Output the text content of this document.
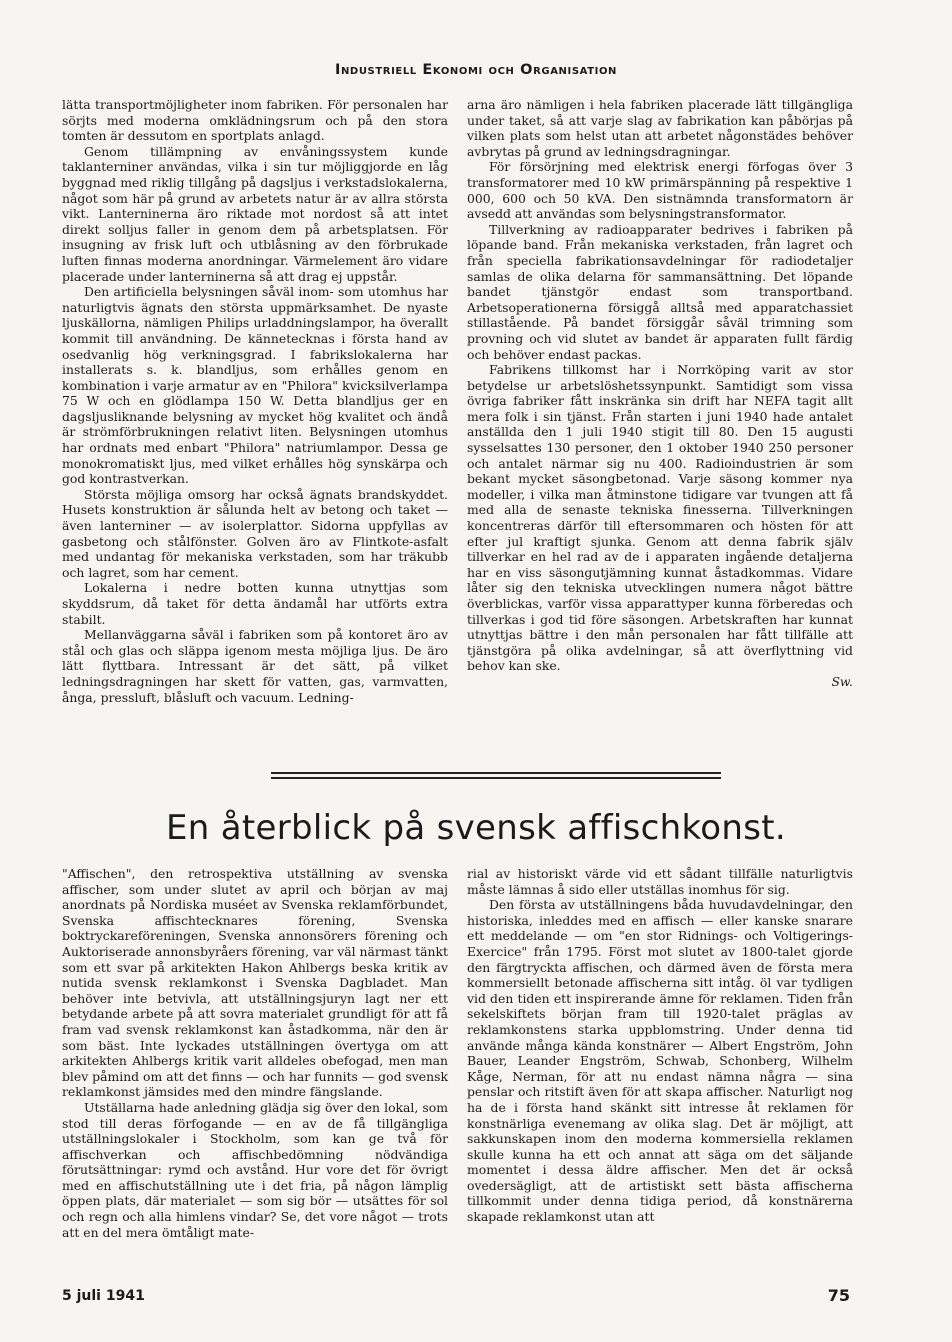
Industriell Ekonomi och Organisation

lätta transportmöjligheter inom fabriken. För personalen har sörjts med moderna omklädningsrum och på den stora tomten är dessutom en sportplats anlagd.

Genom tillämpning av envåningssystem kunde taklanterniner användas, vilka i sin tur möjliggjorde en låg byggnad med riklig tillgång på dagsljus i verkstadslokalerna, något som här på grund av arbetets natur är av allra största vikt. Lanterninerna äro riktade mot nordost så att intet direkt solljus faller in genom dem på arbetsplatsen. För insugning av frisk luft och utblåsning av den förbrukade luften finnas moderna anordningar. Värmelement äro vidare placerade under lanterninerna så att drag ej uppstår.

Den artificiella belysningen såväl inom- som utomhus har naturligtvis ägnats den största uppmärksamhet. De nyaste ljuskällorna, nämligen Philips urladdningslampor, ha överallt kommit till användning. De kännetecknas i första hand av osedvanlig hög verkningsgrad. I fabrikslokalerna har installerats s. k. blandljus, som erhålles genom en kombination i varje armatur av en "Philora" kvicksilverlampa 75 W och en glödlampa 150 W. Detta blandljus ger en dagsljusliknande belysning av mycket hög kvalitet och ändå är strömförbrukningen relativt liten. Belysningen utomhus har ordnats med enbart "Philora" natriumlampor. Dessa ge monokromatiskt ljus, med vilket erhålles hög synskärpa och god kontrastverkan.

Största möjliga omsorg har också ägnats brandskyddet. Husets konstruktion är sålunda helt av betong och taket — även lanterniner — av isolerplattor. Sidorna uppfyllas av gasbetong och stålfönster. Golven äro av Flintkote-asfalt med undantag för mekaniska verkstaden, som har träkubb och lagret, som har cement.

Lokalerna i nedre botten kunna utnyttjas som skyddsrum, då taket för detta ändamål har utförts extra stabilt.

Mellanväggarna såväl i fabriken som på kontoret äro av stål och glas och släppa igenom mesta möjliga ljus. De äro lätt flyttbara. Intressant är det sätt, på vilket ledningsdragningen har skett för vatten, gas, varmvatten, ånga, pressluft, blåsluft och vacuum. Ledning-

arna äro nämligen i hela fabriken placerade lätt tillgängliga under taket, så att varje slag av fabrikation kan påbörjas på vilken plats som helst utan att arbetet någonstädes behöver avbrytas på grund av ledningsdragningar.

För försörjning med elektrisk energi förfogas över 3 transformatorer med 10 kW primärspänning på respektive 1 000, 600 och 50 kVA. Den sistnämnda transformatorn är avsedd att användas som belysningstransformator.

Tillverkning av radioapparater bedrives i fabriken på löpande band. Från mekaniska verkstaden, från lagret och från speciella fabrikationsavdelningar för radiodetaljer samlas de olika delarna för sammansättning. Det löpande bandet tjänstgör endast som transportband. Arbetsoperationerna försiggå alltså med apparatchassiet stillastående. På bandet försiggår såväl trimning som provning och vid slutet av bandet är apparaten fullt färdig och behöver endast packas.

Fabrikens tillkomst har i Norrköping varit av stor betydelse ur arbetslöshetssynpunkt. Samtidigt som vissa övriga fabriker fått inskränka sin drift har NEFA tagit allt mera folk i sin tjänst. Från starten i juni 1940 hade antalet anställda den 1 juli 1940 stigit till 80. Den 15 augusti sysselsattes 130 personer, den 1 oktober 1940 250 personer och antalet närmar sig nu 400. Radioindustrien är som bekant mycket säsongbetonad. Varje säsong kommer nya modeller, i vilka man åtminstone tidigare var tvungen att få med alla de senaste tekniska finesserna. Tillverkningen koncentreras därför till eftersommaren och hösten för att efter jul kraftigt sjunka. Genom att denna fabrik själv tillverkar en hel rad av de i apparaten ingående detaljerna har en viss säsongutjämning kunnat åstadkommas. Vidare låter sig den tekniska utvecklingen numera något bättre överblickas, varför vissa apparattyper kunna förberedas och tillverkas i god tid före säsongen. Arbetskraften har kunnat utnyttjas bättre i den mån personalen har fått tillfälle att tjänstgöra på olika avdelningar, så att överflyttning vid behov kan ske.

Sw.
En återblick på svensk affischkonst.

"Affischen", den retrospektiva utställning av svenska affischer, som under slutet av april och början av maj anordnats på Nordiska muséet av Svenska reklamförbundet, Svenska affischtecknares förening, Svenska boktryckareföreningen, Svenska annonsörers förening och Auktoriserade annonsbyråers förening, var väl närmast tänkt som ett svar på arkitekten Hakon Ahlbergs beska kritik av nutida svensk reklamkonst i Svenska Dagbladet. Man behöver inte betvivla, att utställningsjuryn lagt ner ett betydande arbete på att sovra materialet grundligt för att få fram vad svensk reklamkonst kan åstadkomma, när den är som bäst. Inte lyckades utställningen övertyga om att arkitekten Ahlbergs kritik varit alldeles obefogad, men man blev påmind om att det finns — och har funnits — god svensk reklamkonst jämsides med den mindre fängslande.

Utställarna hade anledning glädja sig över den lokal, som stod till deras förfogande — en av de få tillgängliga utställningslokaler i Stockholm, som kan ge två för affischverkan och affischbedömning nödvändiga förutsättningar: rymd och avstånd. Hur vore det för övrigt med en affischutställning ute i det fria, på någon lämplig öppen plats, där materialet — som sig bör — utsättes för sol och regn och alla himlens vindar? Se, det vore något — trots att en del mera ömtåligt mate-

rial av historiskt värde vid ett sådant tillfälle naturligtvis måste lämnas å sido eller utställas inomhus för sig.

Den första av utställningens båda huvudavdelningar, den historiska, inleddes med en affisch — eller kanske snarare ett meddelande — om "en stor Ridnings- och Voltigerings-Exercice" från 1795. Först mot slutet av 1800-talet gjorde den färgtryckta affischen, och därmed även de första mera kommersiellt betonade affischerna sitt intåg. öl var tydligen vid den tiden ett inspirerande ämne för reklamen. Tiden från sekelskiftets början fram till 1920-talet präglas av reklamkonstens starka uppblomstring. Under denna tid använde många kända konstnärer — Albert Engström, John Bauer, Leander Engström, Schwab, Schonberg, Wilhelm Kåge, Nerman, för att nu endast nämna några — sina penslar och ritstift även för att skapa affischer. Naturligt nog ha de i första hand skänkt sitt intresse åt reklamen för konstnärliga evenemang av olika slag. Det är möjligt, att sakkunskapen inom den moderna kommersiella reklamen skulle kunna ha ett och annat att säga om det säljande momentet i dessa äldre affischer. Men det är också ovedersägligt, att de artistiskt sett bästa affischerna tillkommit under denna tidiga period, då konstnärerna skapade reklamkonst utan att

5 juli 1941	75
